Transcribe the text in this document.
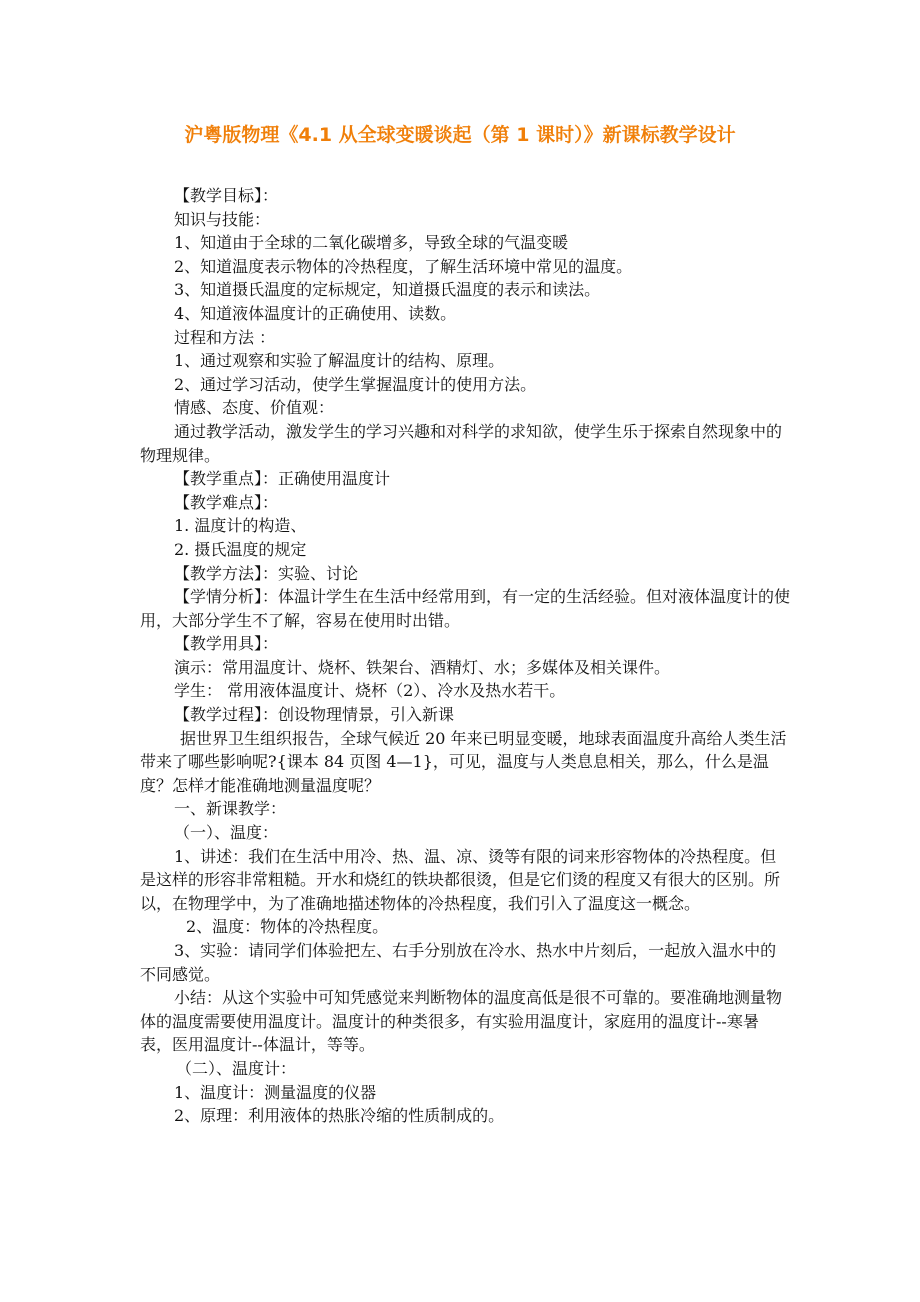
沪粤版物理《4.1 从全球变暖谈起（第 1 课时）》新课标教学设计

【教学目标】：

知识与技能：

1、知道由于全球的二氧化碳增多，导致全球的气温变暖

2、知道温度表示物体的冷热程度，了解生活环境中常见的温度。

3、知道摄氏温度的定标规定，知道摄氏温度的表示和读法。

4、知道液体温度计的正确使用、读数。

过程和方法 ：

1、通过观察和实验了解温度计的结构、原理。

2、通过学习活动，使学生掌握温度计的使用方法。

情感、态度、价值观：

通过教学活动，激发学生的学习兴趣和对科学的求知欲，使学生乐于探索自然现象中的物理规律。

【教学重点】：正确使用温度计

【教学难点】：

1. 温度计的构造、

2. 摄氏温度的规定

【教学方法】：实验、讨论

【学情分析】：体温计学生在生活中经常用到，有一定的生活经验。但对液体温度计的使用，大部分学生不了解，容易在使用时出错。

【教学用具】：

演示：常用温度计、烧杯、铁架台、酒精灯、水；多媒体及相关课件。

学生： 常用液体温度计、烧杯（2）、冷水及热水若干。

【教学过程】：创设物理情景，引入新课

据世界卫生组织报告，全球气候近 20 年来已明显变暖，地球表面温度升高给人类生活带来了哪些影响呢?{课本 84 页图 4—1}，可见，温度与人类息息相关，那么，什么是温度？怎样才能准确地测量温度呢？

一、新课教学：

（一）、温度：

1、讲述：我们在生活中用冷、热、温、凉、烫等有限的词来形容物体的冷热程度。但是这样的形容非常粗糙。开水和烧红的铁块都很烫，但是它们烫的程度又有很大的区别。所以，在物理学中，为了准确地描述物体的冷热程度，我们引入了温度这一概念。

2、温度：物体的冷热程度。

3、实验：请同学们体验把左、右手分别放在冷水、热水中片刻后，一起放入温水中的不同感觉。

小结：从这个实验中可知凭感觉来判断物体的温度高低是很不可靠的。要准确地测量物体的温度需要使用温度计。温度计的种类很多，有实验用温度计，家庭用的温度计--寒暑表，医用温度计--体温计，等等。

（二）、温度计：

1、温度计：测量温度的仪器

2、原理：利用液体的热胀冷缩的性质制成的。
